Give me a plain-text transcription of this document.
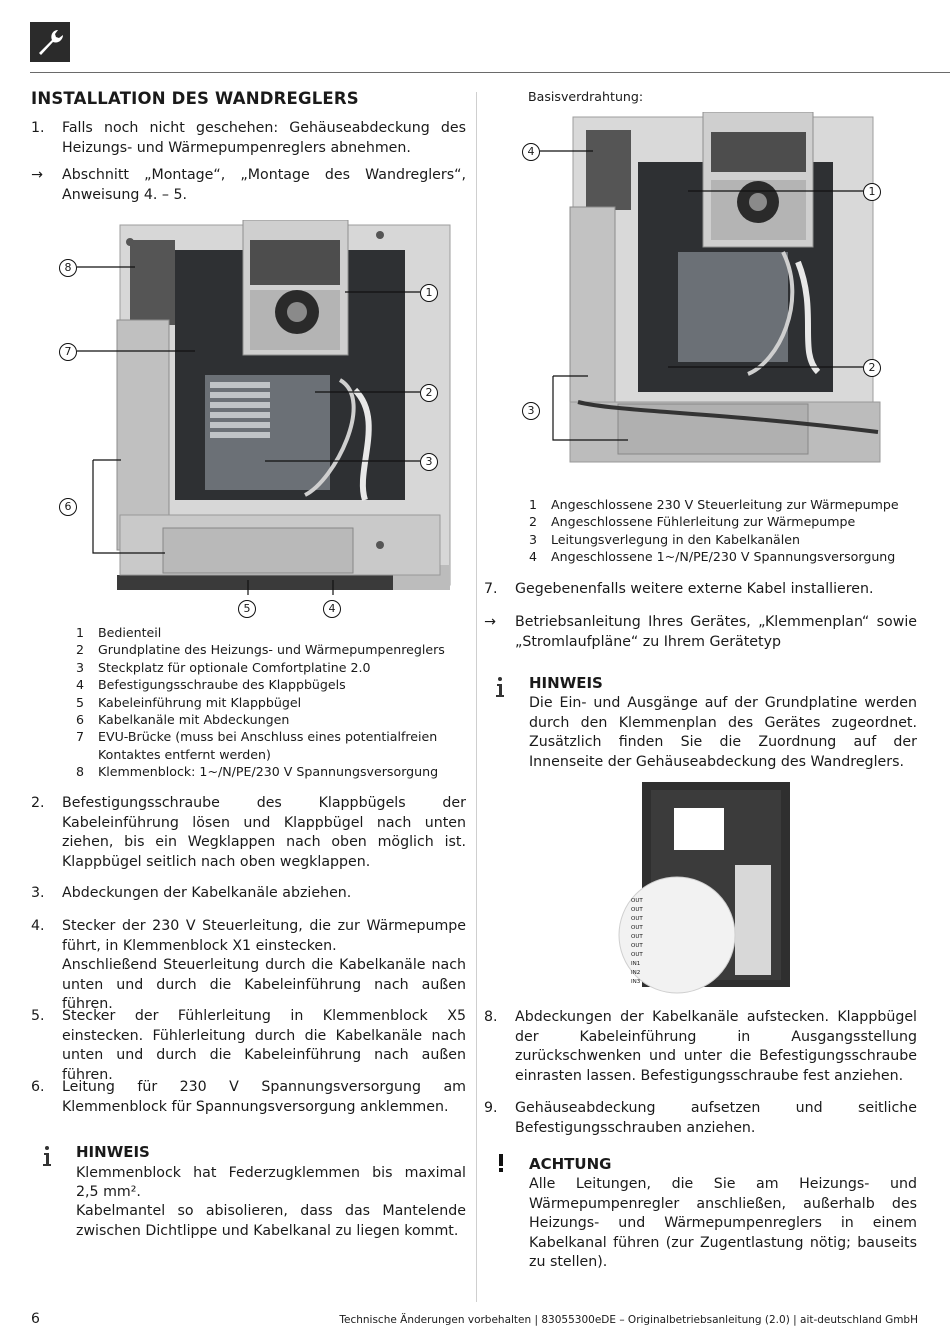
INSTALLATION DES WANDREGLERS
1. Falls noch nicht geschehen: Gehäuseabdeckung des Heizungs- und Wärmepumpenreglers abnehmen.
→ Abschnitt „Montage“, „Montage des Wandreglers“, Anweisung 4. – 5.
8
7
6
1
2
3
5	4
1	Bedienteil
2	Grundplatine des Heizungs- und Wärmepumpenreglers
3	Steckplatz für optionale Comfortplatine 2.0
4	Befestigungsschraube des Klappbügels
5	Kabeleinführung mit Klappbügel
6	Kabelkanäle mit Abdeckungen
7	EVU-Brücke (muss bei Anschluss eines potentialfreien Kontaktes entfernt werden)
8	Klemmenblock: 1~/N/PE/230 V Spannungsversorgung
2. Befestigungsschraube des Klappbügels der Kabeleinführung lösen und Klappbügel nach unten ziehen, bis ein Wegklappen nach oben möglich ist. Klappbügel seitlich nach oben wegklappen.
3. Abdeckungen der Kabelkanäle abziehen.
4. Stecker der 230 V Steuerleitung, die zur Wärmepumpe führt, in Klemmenblock X1 einstecken.
Anschließend Steuerleitung durch die Kabelkanäle nach unten und durch die Kabeleinführung nach außen führen.
5. Stecker der Fühlerleitung in Klemmenblock X5 einstecken. Fühlerleitung durch die Kabelkanäle nach unten und durch die Kabeleinführung nach außen führen.
6. Leitung für 230 V Spannungsversorgung am Klemmenblock für Spannungsversorgung anklemmen.
HINWEIS
Klemmenblock hat Federzugklemmen bis maximal
2,5 mm².
Kabelmantel so abisolieren, dass das Mantelende zwischen Dichtlippe und Kabelkanal zu liegen kommt.
Basisverdrahtung:
4
1
2
3
1	Angeschlossene 230 V Steuerleitung zur Wärmepumpe
2	Angeschlossene Fühlerleitung zur Wärmepumpe
3	Leitungsverlegung in den Kabelkanälen
4	Angeschlossene 1~/N/PE/230 V Spannungsversorgung
7. Gegebenenfalls weitere externe Kabel installieren.
→ Betriebsanleitung Ihres Gerätes, „Klemmenplan“ sowie „Stromlaufpläne“ zu Ihrem Gerätetyp
HINWEIS
Die Ein- und Ausgänge auf der Grundplatine werden durch den Klemmenplan des Gerätes zugeordnet. Zusätzlich finden Sie die Zuordnung auf der Innenseite der Gehäuseabdeckung des Wandreglers.
OUT
OUT
OUT
OUT
OUT
OUT
OUT
IN1
IN2
IN3
8. Abdeckungen der Kabelkanäle aufstecken. Klappbügel der Kabeleinführung in Ausgangsstellung zurückschwenken und unter die Befestigungsschraube einrasten lassen. Befestigungsschraube fest anziehen.
9. Gehäuseabdeckung aufsetzen und seitliche Befestigungsschrauben anziehen.
ACHTUNG
Alle Leitungen, die Sie am Heizungs- und Wärmepumpenregler anschließen, außerhalb des Heizungs- und Wärmepumpenreglers in einem Kabelkanal führen (zur Zugentlastung nötig; bauseits zu stellen).
6	Technische Änderungen vorbehalten | 83055300eDE – Originalbetriebsanleitung (2.0) | ait-deutschland GmbH
